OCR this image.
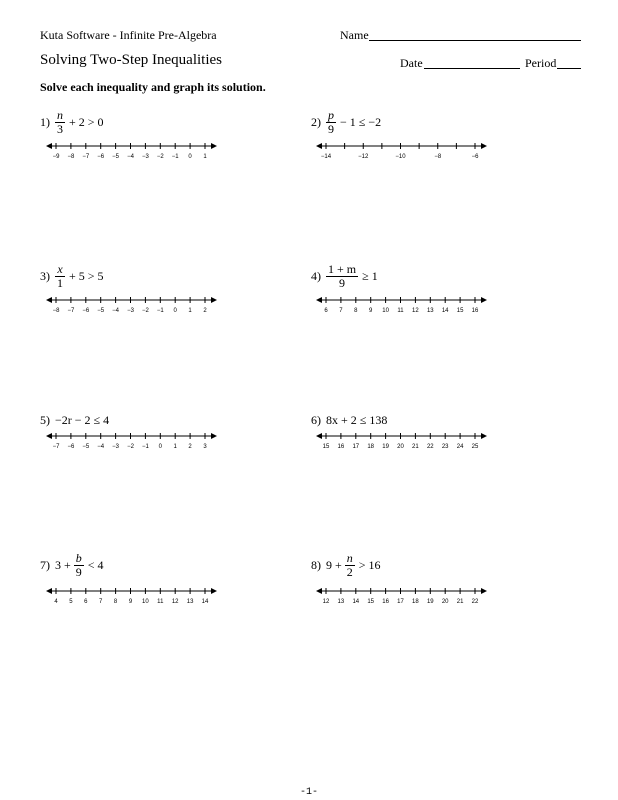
Kuta Software - Infinite Pre-Algebra	Name
Solving Two-Step Inequalities	Date	Period
Solve each inequality and graph its solution.
$1) \frac{n}{3} + 2 > 0$	$2) \frac{p}{9} - 1 \le -2$
$3) \frac{x}{1} + 5 > 5$	$4) \frac{1 + m}{9} \ge 1$
5) −2r − 2 ≤ 4	6) 8x + 2 ≤ 138
7) $3 + \frac{b}{9} < 4$	8) $9 + \frac{n}{2} > 16$
−9 −8 −7 −6 −5 −4 −3 −2 −1 0 1	−14	−12	−10	−8	−6
−8 −7 −6 −5 −4 −3 −2 −1 0 1 2	6 7 8 9 10 11 12 13 14 15 16
−7 −6 −5 −4 −3 −2 −1 0 1 2 3	15 16 17 18 19 20 21 22 23 24 25
4 5 6 7 8 9 10 11 12 13 14	12 13 14 15 16 17 18 19 20 21 22
-1-
